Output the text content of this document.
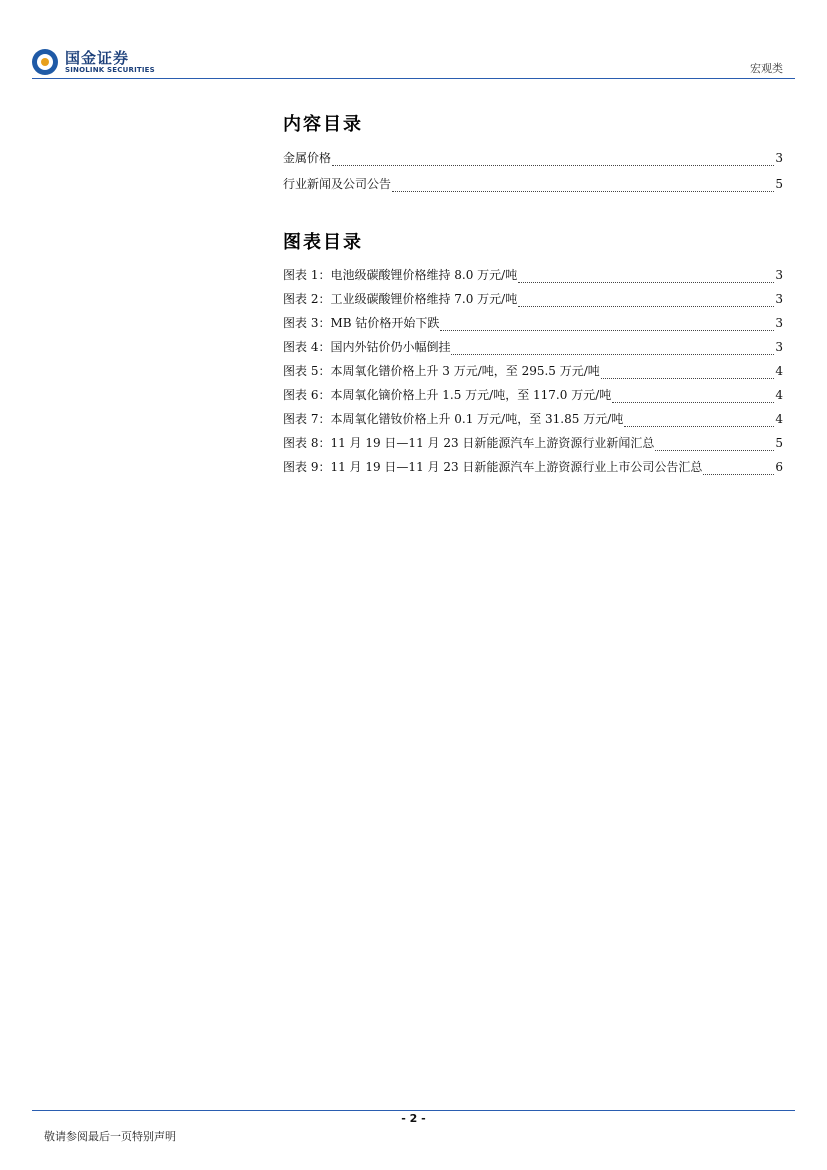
国金证券
SINOLINK SECURITIES	宏观类
内容目录
金属价格	3
行业新闻及公司公告	5
图表目录
图表 1：电池级碳酸锂价格维持 8.0 万元/吨	3
图表 2：工业级碳酸锂价格维持 7.0 万元/吨	3
图表 3：MB 钴价格开始下跌	3
图表 4：国内外钴价仍小幅倒挂	3
图表 5：本周氧化镨价格上升 3 万元/吨，至 295.5 万元/吨	4
图表 6：本周氧化镝价格上升 1.5 万元/吨，至 117.0 万元/吨	4
图表 7：本周氧化镨钕价格上升 0.1 万元/吨，至 31.85 万元/吨	4
图表 8：11 月 19 日—11 月 23 日新能源汽车上游资源行业新闻汇总	5
图表 9：11 月 19 日—11 月 23 日新能源汽车上游资源行业上市公司公告汇总	6
- 2 -
敬请参阅最后一页特别声明
